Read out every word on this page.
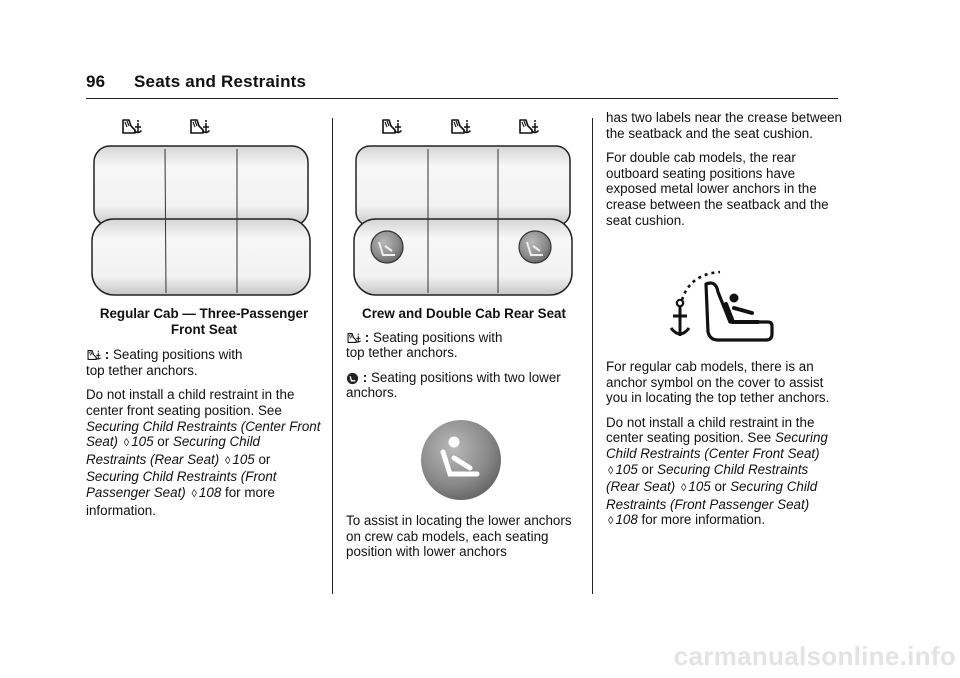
96 Seats and Restraints
Regular Cab — Three-Passenger
Front Seat

: Seating positions with
top tether anchors.

Do not install a child restraint in the center front seating position. See Securing Child Restraints (Center Front Seat) ◊ 105 or Securing Child Restraints (Rear Seat) ◊ 105 or Securing Child Restraints (Front Passenger Seat) ◊ 108 for more information.

Crew and Double Cab Rear Seat

: Seating positions with
top tether anchors.

: Seating positions with two lower
anchors.

To assist in locating the lower anchors on crew cab models, each seating position with lower anchors

has two labels near the crease between the seatback and the seat cushion.

For double cab models, the rear outboard seating positions have exposed metal lower anchors in the crease between the seatback and the seat cushion.

For regular cab models, there is an anchor symbol on the cover to assist you in locating the top tether anchors.

Do not install a child restraint in the center seating position. See Securing Child Restraints (Center Front Seat) ◊ 105 or Securing Child Restraints (Rear Seat) ◊ 105 or Securing Child Restraints (Front Passenger Seat) ◊ 108 for more information.

carmanualsonline.info
